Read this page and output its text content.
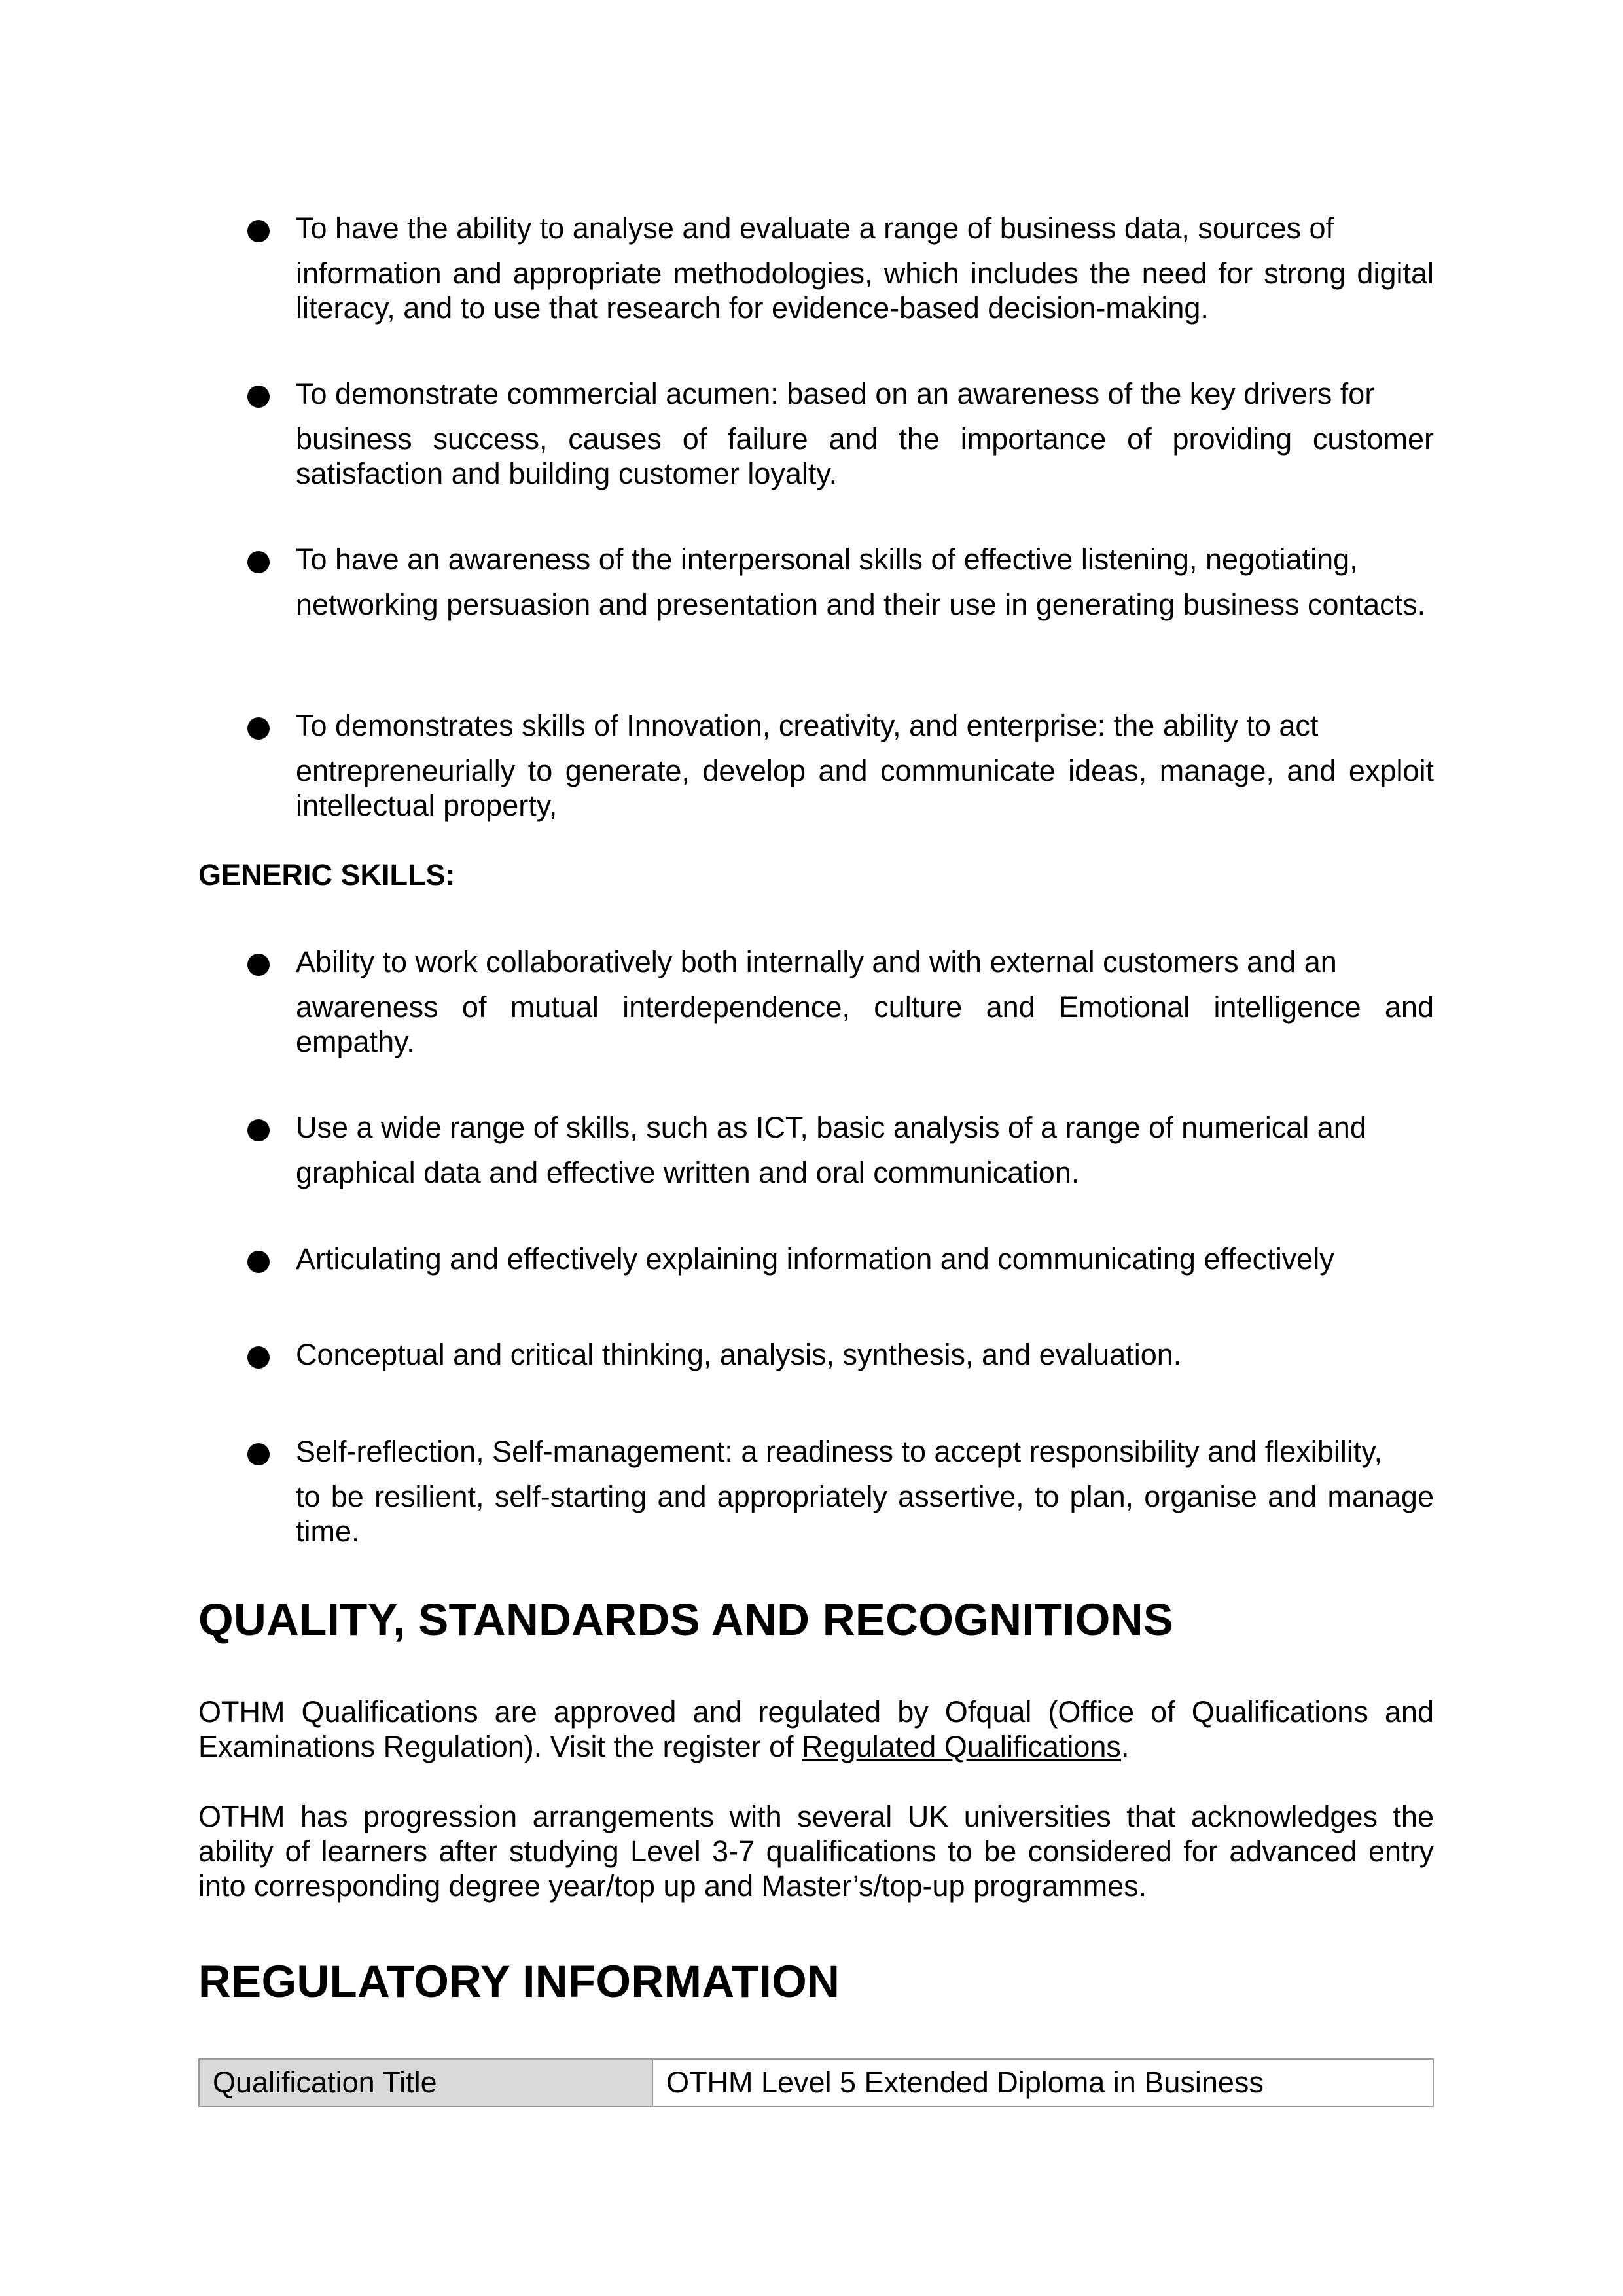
To have the ability to analyse and evaluate a range of business data, sources of
information and appropriate methodologies, which includes the need for strong digital literacy, and to use that research for evidence-based decision-making.
To demonstrate commercial acumen: based on an awareness of the key drivers for
business success, causes of failure and the importance of providing customer satisfaction and building customer loyalty.
To have an awareness of the interpersonal skills of effective listening, negotiating,
networking persuasion and presentation and their use in generating business contacts.
To demonstrates skills of Innovation, creativity, and enterprise: the ability to act
entrepreneurially to generate, develop and communicate ideas, manage, and exploit intellectual property,
GENERIC SKILLS:
Ability to work collaboratively both internally and with external customers and an
awareness of mutual interdependence, culture and Emotional intelligence and empathy.
Use a wide range of skills, such as ICT, basic analysis of a range of numerical and
graphical data and effective written and oral communication.
Articulating and effectively explaining information and communicating effectively
Conceptual and critical thinking, analysis, synthesis, and evaluation.
Self-reflection, Self-management: a readiness to accept responsibility and flexibility,
to be resilient, self-starting and appropriately assertive, to plan, organise and manage time.
QUALITY, STANDARDS AND RECOGNITIONS
OTHM Qualifications are approved and regulated by Ofqual (Office of Qualifications and Examinations Regulation). Visit the register of Regulated Qualifications.
OTHM has progression arrangements with several UK universities that acknowledges the ability of learners after studying Level 3-7 qualifications to be considered for advanced entry into corresponding degree year/top up and Master’s/top-up programmes.
REGULATORY INFORMATION
Qualification Title	OTHM Level 5 Extended Diploma in Business
